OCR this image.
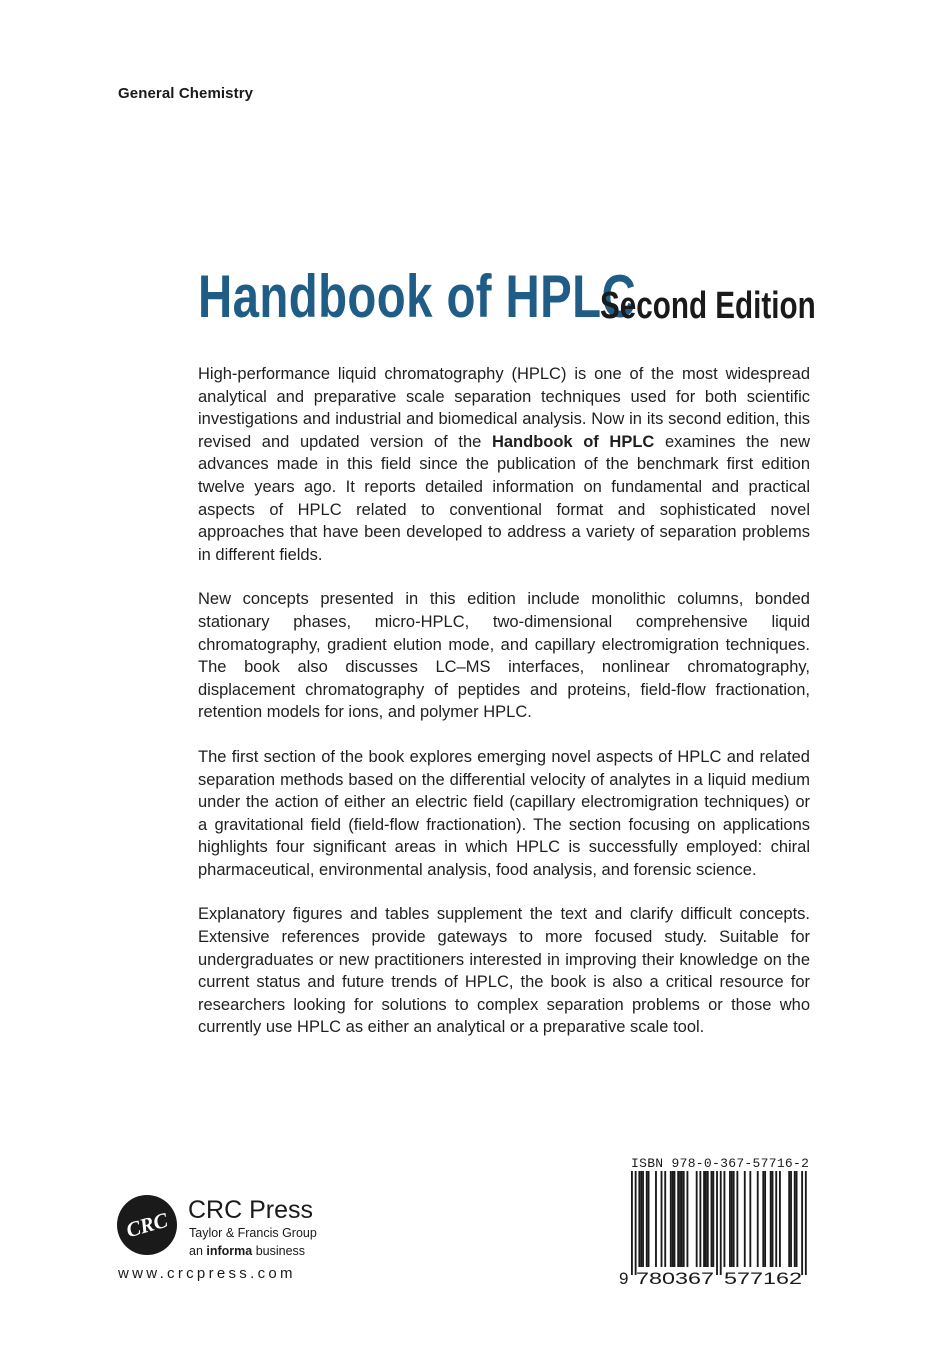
General Chemistry
Handbook of HPLC
Second Edition

High-performance liquid chromatography (HPLC) is one of the most widespread analytical and preparative scale separation techniques used for both scientific investigations and industrial and biomedical analysis. Now in its second edition, this revised and updated version of the Handbook of HPLC examines the new advances made in this field since the publication of the benchmark first edition twelve years ago. It reports detailed information on fundamental and practical aspects of HPLC related to conventional format and sophisticated novel approaches that have been developed to address a variety of separation problems in different fields.

New concepts presented in this edition include monolithic columns, bonded stationary phases, micro-HPLC, two-dimensional comprehensive liquid chromatography, gradient elution mode, and capillary electromigration techniques. The book also discusses LC–MS interfaces, nonlinear chromatography, displacement chromatography of peptides and proteins, field-flow fractionation, retention models for ions, and polymer HPLC.

The first section of the book explores emerging novel aspects of HPLC and related separation methods based on the differential velocity of analytes in a liquid medium under the action of either an electric field (capillary electromigration techniques) or a gravitational field (field-flow fractionation). The section focusing on applications highlights four significant areas in which HPLC is successfully employed: chiral pharmaceutical, environmental analysis, food analysis, and forensic science.

Explanatory figures and tables supplement the text and clarify difficult concepts. Extensive references provide gateways to more focused study. Suitable for undergraduates or new practitioners interested in improving their knowledge on the current status and future trends of HPLC, the book is also a critical resource for researchers looking for solutions to complex separation problems or those who currently use HPLC as either an analytical or a preparative scale tool.

CRC CRC Press
Taylor & Francis Group
an informa business
www.crcpress.com
ISBN 978-0-367-57716-2
9 780367 577162
